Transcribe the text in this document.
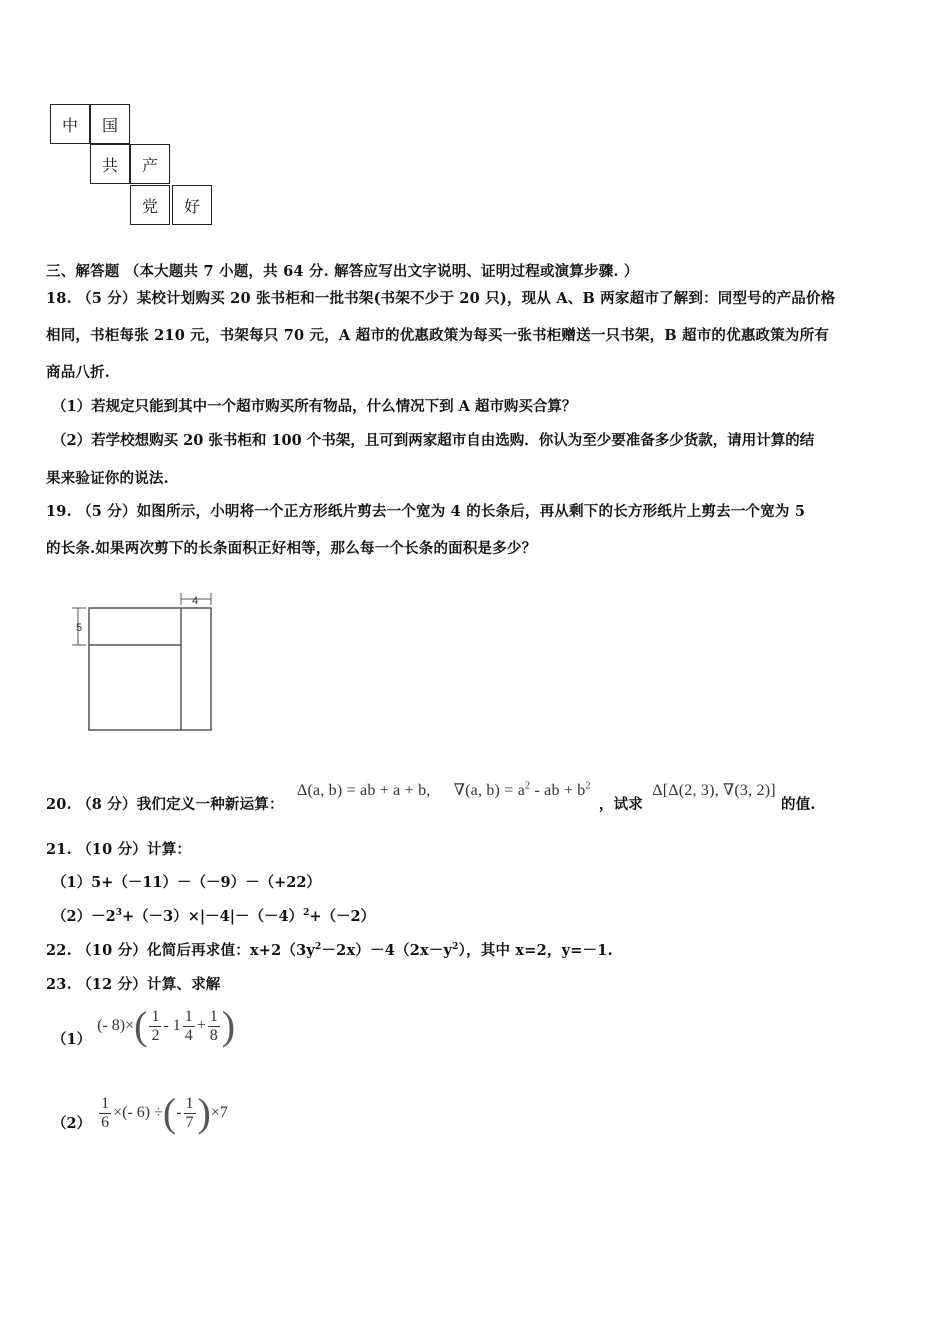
中	国
共	产
党	好
三、解答题 （本大题共 7 小题，共 64 分. 解答应写出文字说明、证明过程或演算步骤. ）
18. （5 分）某校计划购买 20 张书柜和一批书架(书架不少于 20 只)，现从 A、B 两家超市了解到：同型号的产品价格
相同，书柜每张 210 元，书架每只 70 元，A 超市的优惠政策为每买一张书柜赠送一只书架，B 超市的优惠政策为所有
商品八折.
（1）若规定只能到其中一个超市购买所有物品，什么情况下到 A 超市购买合算？
（2）若学校想购买 20 张书柜和 100 个书架，且可到两家超市自由选购．你认为至少要准备多少货款，请用计算的结
果来验证你的说法.
19. （5 分）如图所示，小明将一个正方形纸片剪去一个宽为 4 的长条后，再从剩下的长方形纸片上剪去一个宽为 5
的长条.如果两次剪下的长条面积正好相等，那么每一个长条的面积是多少？
4
5
20. （8 分）我们定义一种新运算： Δ(a, b) = ab + a + b, ∇(a, $b) = a^2$ - ab + $b^2$ ，试求 Δ[Δ(2, 3), ∇(3, 2)] 的值.
21. （10 分）计算：
（1）5+（－11）－（－9）－（+22）
$(2)-2^3+(-3)\times|-4|-(-4)^2+(-2)$
22. （10 分）化简后再求值：$x+2(3y^2-2x)-4(2x-y^2)$，其中 x=2，y=－1.
23. （12 分）计算、求解
（1）
(- 8)× ( $\frac{1}{2} - 1 \frac{1}{4} + \frac{1}{8}$ )
$(2) \frac{1}{6}$ ×(- 6) ÷ ( - $\frac{1}{7}$ ) ×7
